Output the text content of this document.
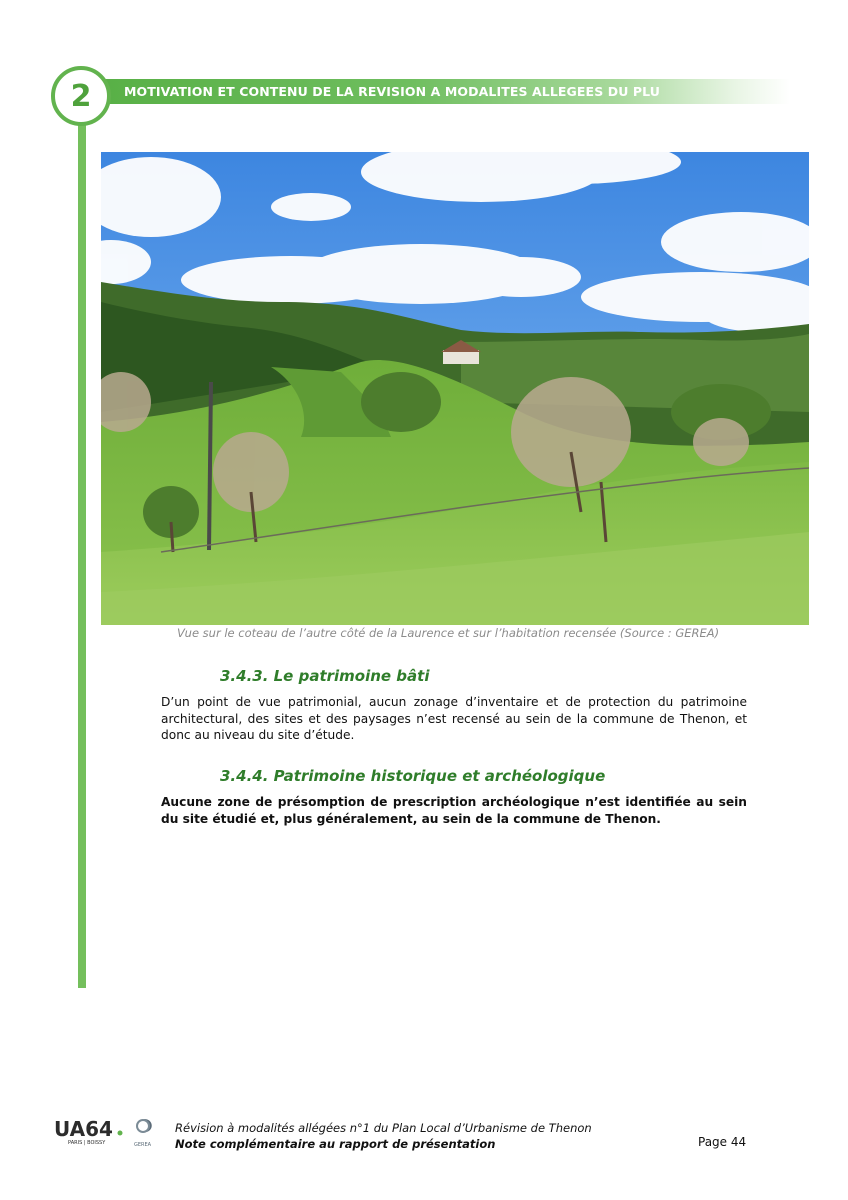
MOTIVATION ET CONTENU DE LA REVISION A MODALITES ALLEGEES DU PLU
2
Vue sur le coteau de l’autre côté de la Laurence et sur l’habitation recensée (Source : GEREA)
3.4.3. Le patrimoine bâti
D’un point de vue patrimonial, aucun zonage d’inventaire et de protection du patrimoine architectural, des sites et des paysages n’est recensé au sein de la commune de Thenon, et donc au niveau du site d’étude.
3.4.4. Patrimoine historique et archéologique
Aucune zone de présomption de prescription archéologique n’est identifiée au sein du site étudié et, plus généralement, au sein de la commune de Thenon.
UA64
PARIS | BOISSY	GEREA
Révision à modalités allégées n°1 du Plan Local d’Urbanisme de Thenon
Note complémentaire au rapport de présentation	Page 44
